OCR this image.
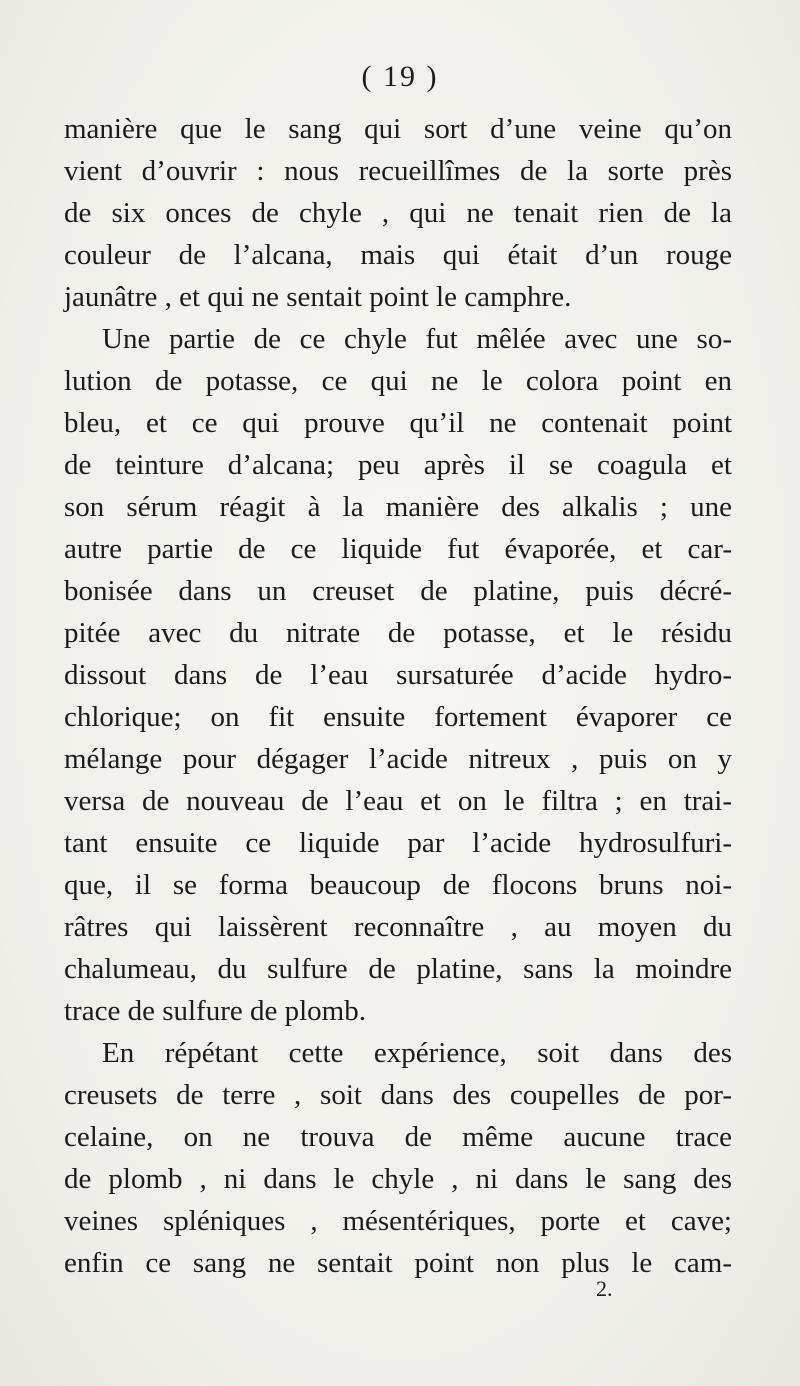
( 19 )
manière que le sang qui sort d’une veine qu’on
vient d’ouvrir : nous recueillîmes de la sorte près
de six onces de chyle , qui ne tenait rien de la
couleur de l’alcana, mais qui était d’un rouge
jaunâtre , et qui ne sentait point le camphre.
Une partie de ce chyle fut mêlée avec une so-
lution de potasse, ce qui ne le colora point en
bleu, et ce qui prouve qu’il ne contenait point
de teinture d’alcana; peu après il se coagula et
son sérum réagit à la manière des alkalis ; une
autre partie de ce liquide fut évaporée, et car-
bonisée dans un creuset de platine, puis décré-
pitée avec du nitrate de potasse, et le résidu
dissout dans de l’eau sursaturée d’acide hydro-
chlorique; on fit ensuite fortement évaporer ce
mélange pour dégager l’acide nitreux , puis on y
versa de nouveau de l’eau et on le filtra ; en trai-
tant ensuite ce liquide par l’acide hydrosulfuri-
que, il se forma beaucoup de flocons bruns noi-
râtres qui laissèrent reconnaître , au moyen du
chalumeau, du sulfure de platine, sans la moindre
trace de sulfure de plomb.
En répétant cette expérience, soit dans des
creusets de terre , soit dans des coupelles de por-
celaine, on ne trouva de même aucune trace
de plomb , ni dans le chyle , ni dans le sang des
veines spléniques , mésentériques, porte et cave;
enfin ce sang ne sentait point non plus le cam-
2.
